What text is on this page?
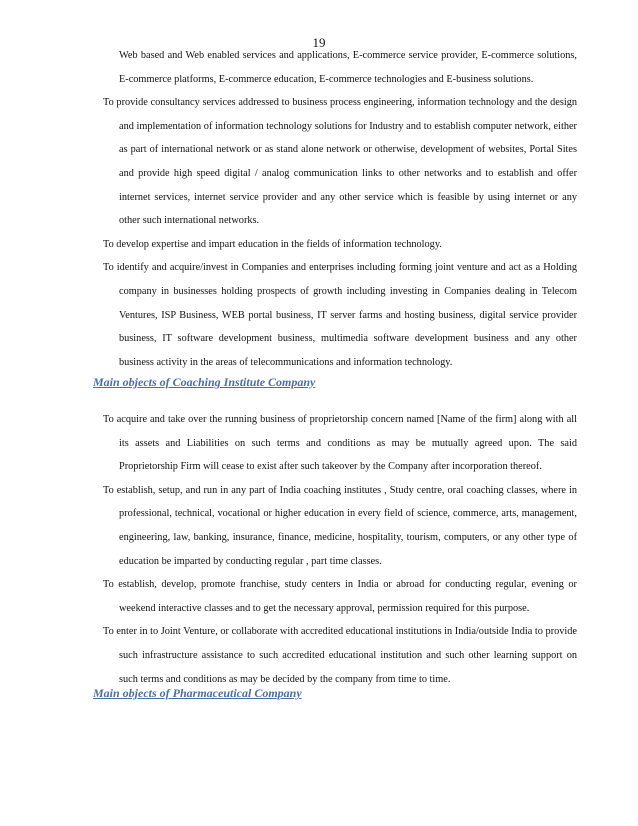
19

Web based and Web enabled services and applications, E-commerce service provider, E-commerce solutions, E-commerce platforms, E-commerce education, E-commerce technologies and E-business solutions.

To provide consultancy services addressed to business process engineering, information technology and the design and implementation of information technology solutions for Industry and to establish computer network, either as part of international network or as stand alone network or otherwise, development of websites, Portal Sites and provide high speed digital / analog communication links to other networks and to establish and offer internet services, internet service provider and any other service which is feasible by using internet or any other such international networks.

To develop expertise and impart education in the fields of information technology.

To identify and acquire/invest in Companies and enterprises including forming joint venture and act as a Holding company in businesses holding prospects of growth including investing in Companies dealing in Telecom Ventures, ISP Business, WEB portal business, IT server farms and hosting business, digital service provider business, IT software development business, multimedia software development business and any other business activity in the areas of telecommunications and information technology.

Main objects of Coaching Institute Company

To acquire and take over the running business of proprietorship concern named [Name of the firm] along with all its assets and Liabilities on such terms and conditions as may be mutually agreed upon. The said Proprietorship Firm will cease to exist after such takeover by the Company after incorporation thereof.

To establish, setup, and run in any part of India coaching institutes , Study centre, oral coaching classes, where in professional, technical, vocational or higher education in every field of science, commerce, arts, management, engineering, law, banking, insurance, finance, medicine, hospitality, tourism, computers, or any other type of education be imparted by conducting regular , part time classes.

To establish, develop, promote franchise, study centers in India or abroad for conducting regular, evening or weekend interactive classes and to get the necessary approval, permission required for this purpose.

To enter in to Joint Venture, or collaborate with accredited educational institutions in India/outside India to provide such infrastructure assistance to such accredited educational institution and such other learning support on such terms and conditions as may be decided by the company from time to time.

Main objects of Pharmaceutical Company
